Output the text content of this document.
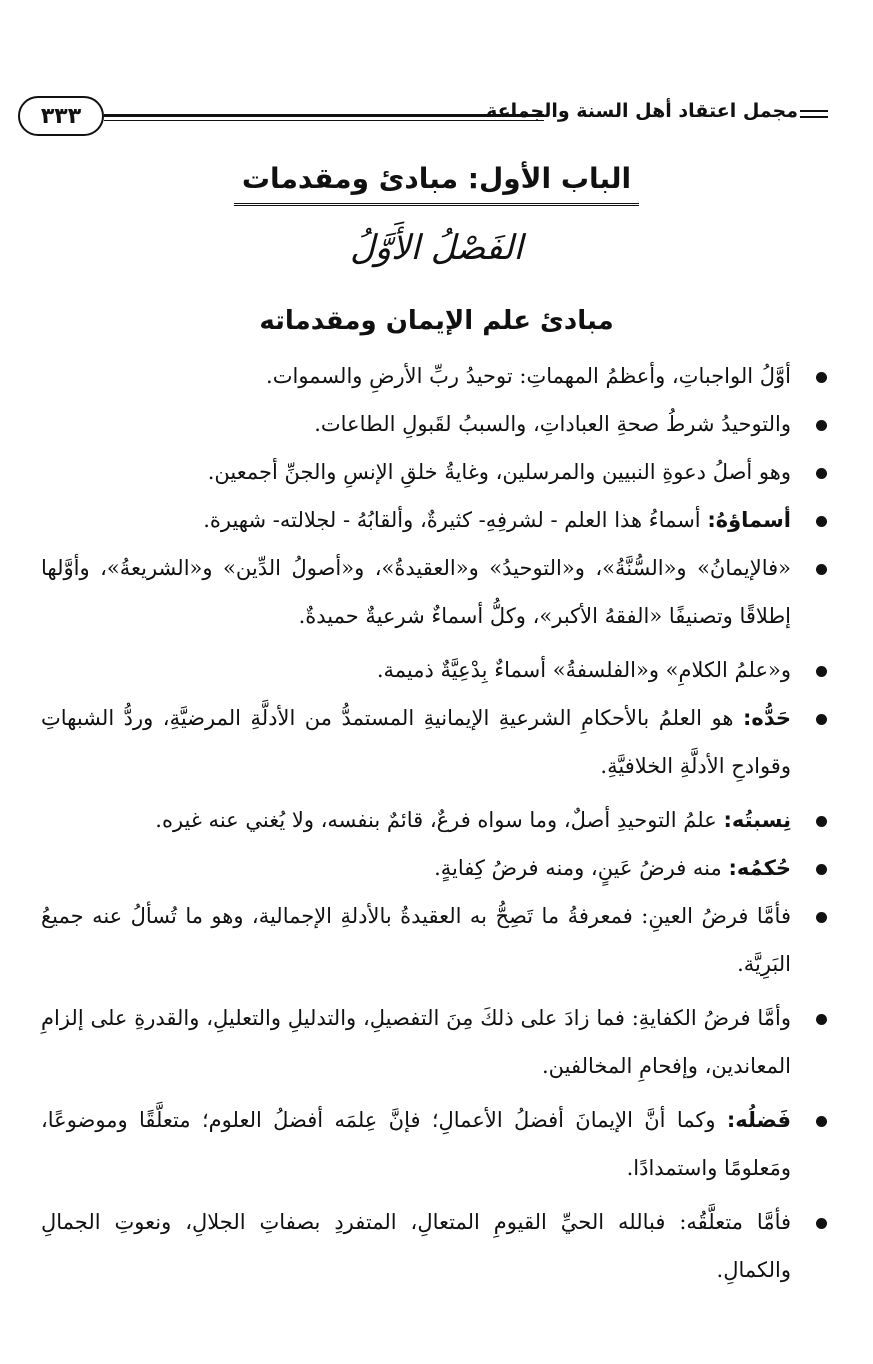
٣٣٣	مجمل اعتقاد أهل السنة والجماعة
الباب الأول: مبادئ ومقدمات
الفَصْلُ الأَوَّلُ
مبادئ علم الإيمان ومقدماته
أوَّلُ الواجباتِ، وأعظمُ المهماتِ: توحيدُ ربِّ الأرضِ والسموات.
والتوحيدُ شرطُ صحةِ العباداتِ، والسببُ لقَبولِ الطاعات.
وهو أصلُ دعوةِ النبيين والمرسلين، وغايةُ خلقِ الإنسِ والجنِّ أجمعين.
أسماؤهُ: أسماءُ هذا العلم - لشرفِهِ- كثيرةٌ، وألقابُهُ - لجلالته- شهيرة.
«فالإيمانُ» و«السُّنَّةُ»، و«التوحيدُ» و«العقيدةُ»، و«أصولُ الدِّين» و«الشريعةُ»، وأوَّلها إطلاقًا وتصنيفًا «الفقهُ الأكبر»، وكلُّ أسماءٌ شرعيةٌ حميدةٌ.
و«علمُ الكلامِ» و«الفلسفةُ» أسماءٌ بِدْعِيَّةٌ ذميمة.
حَدُّه: هو العلمُ بالأحكامِ الشرعيةِ الإيمانيةِ المستمدُّ من الأدلَّةِ المرضيَّةِ، وردُّ الشبهاتِ وقوادحِ الأدلَّةِ الخلافيَّةِ.
نِسبتُه: علمُ التوحيدِ أصلٌ، وما سواه فرعٌ، قائمٌ بنفسه، ولا يُغني عنه غيره.
حُكمُه: منه فرضُ عَينٍ، ومنه فرضُ كِفايةٍ.
فأمَّا فرضُ العينِ: فمعرفةُ ما تَصِحُّ به العقيدةُ بالأدلةِ الإجمالية، وهو ما تُسألُ عنه جميعُ البَرِيَّة.
وأمَّا فرضُ الكفايةِ: فما زادَ على ذلكَ مِنَ التفصيلِ، والتدليلِ والتعليلِ، والقدرةِ على إلزامِ المعاندين، وإفحامِ المخالفين.
فَضلُه: وكما أنَّ الإيمانَ أفضلُ الأعمالِ؛ فإنَّ عِلمَه أفضلُ العلوم؛ متعلَّقًا وموضوعًا، ومَعلومًا واستمدادًا.
فأمَّا متعلَّقُه: فبالله الحيِّ القيومِ المتعالِ، المتفردِ بصفاتِ الجلالِ، ونعوتِ الجمالِ والكمالِ.
